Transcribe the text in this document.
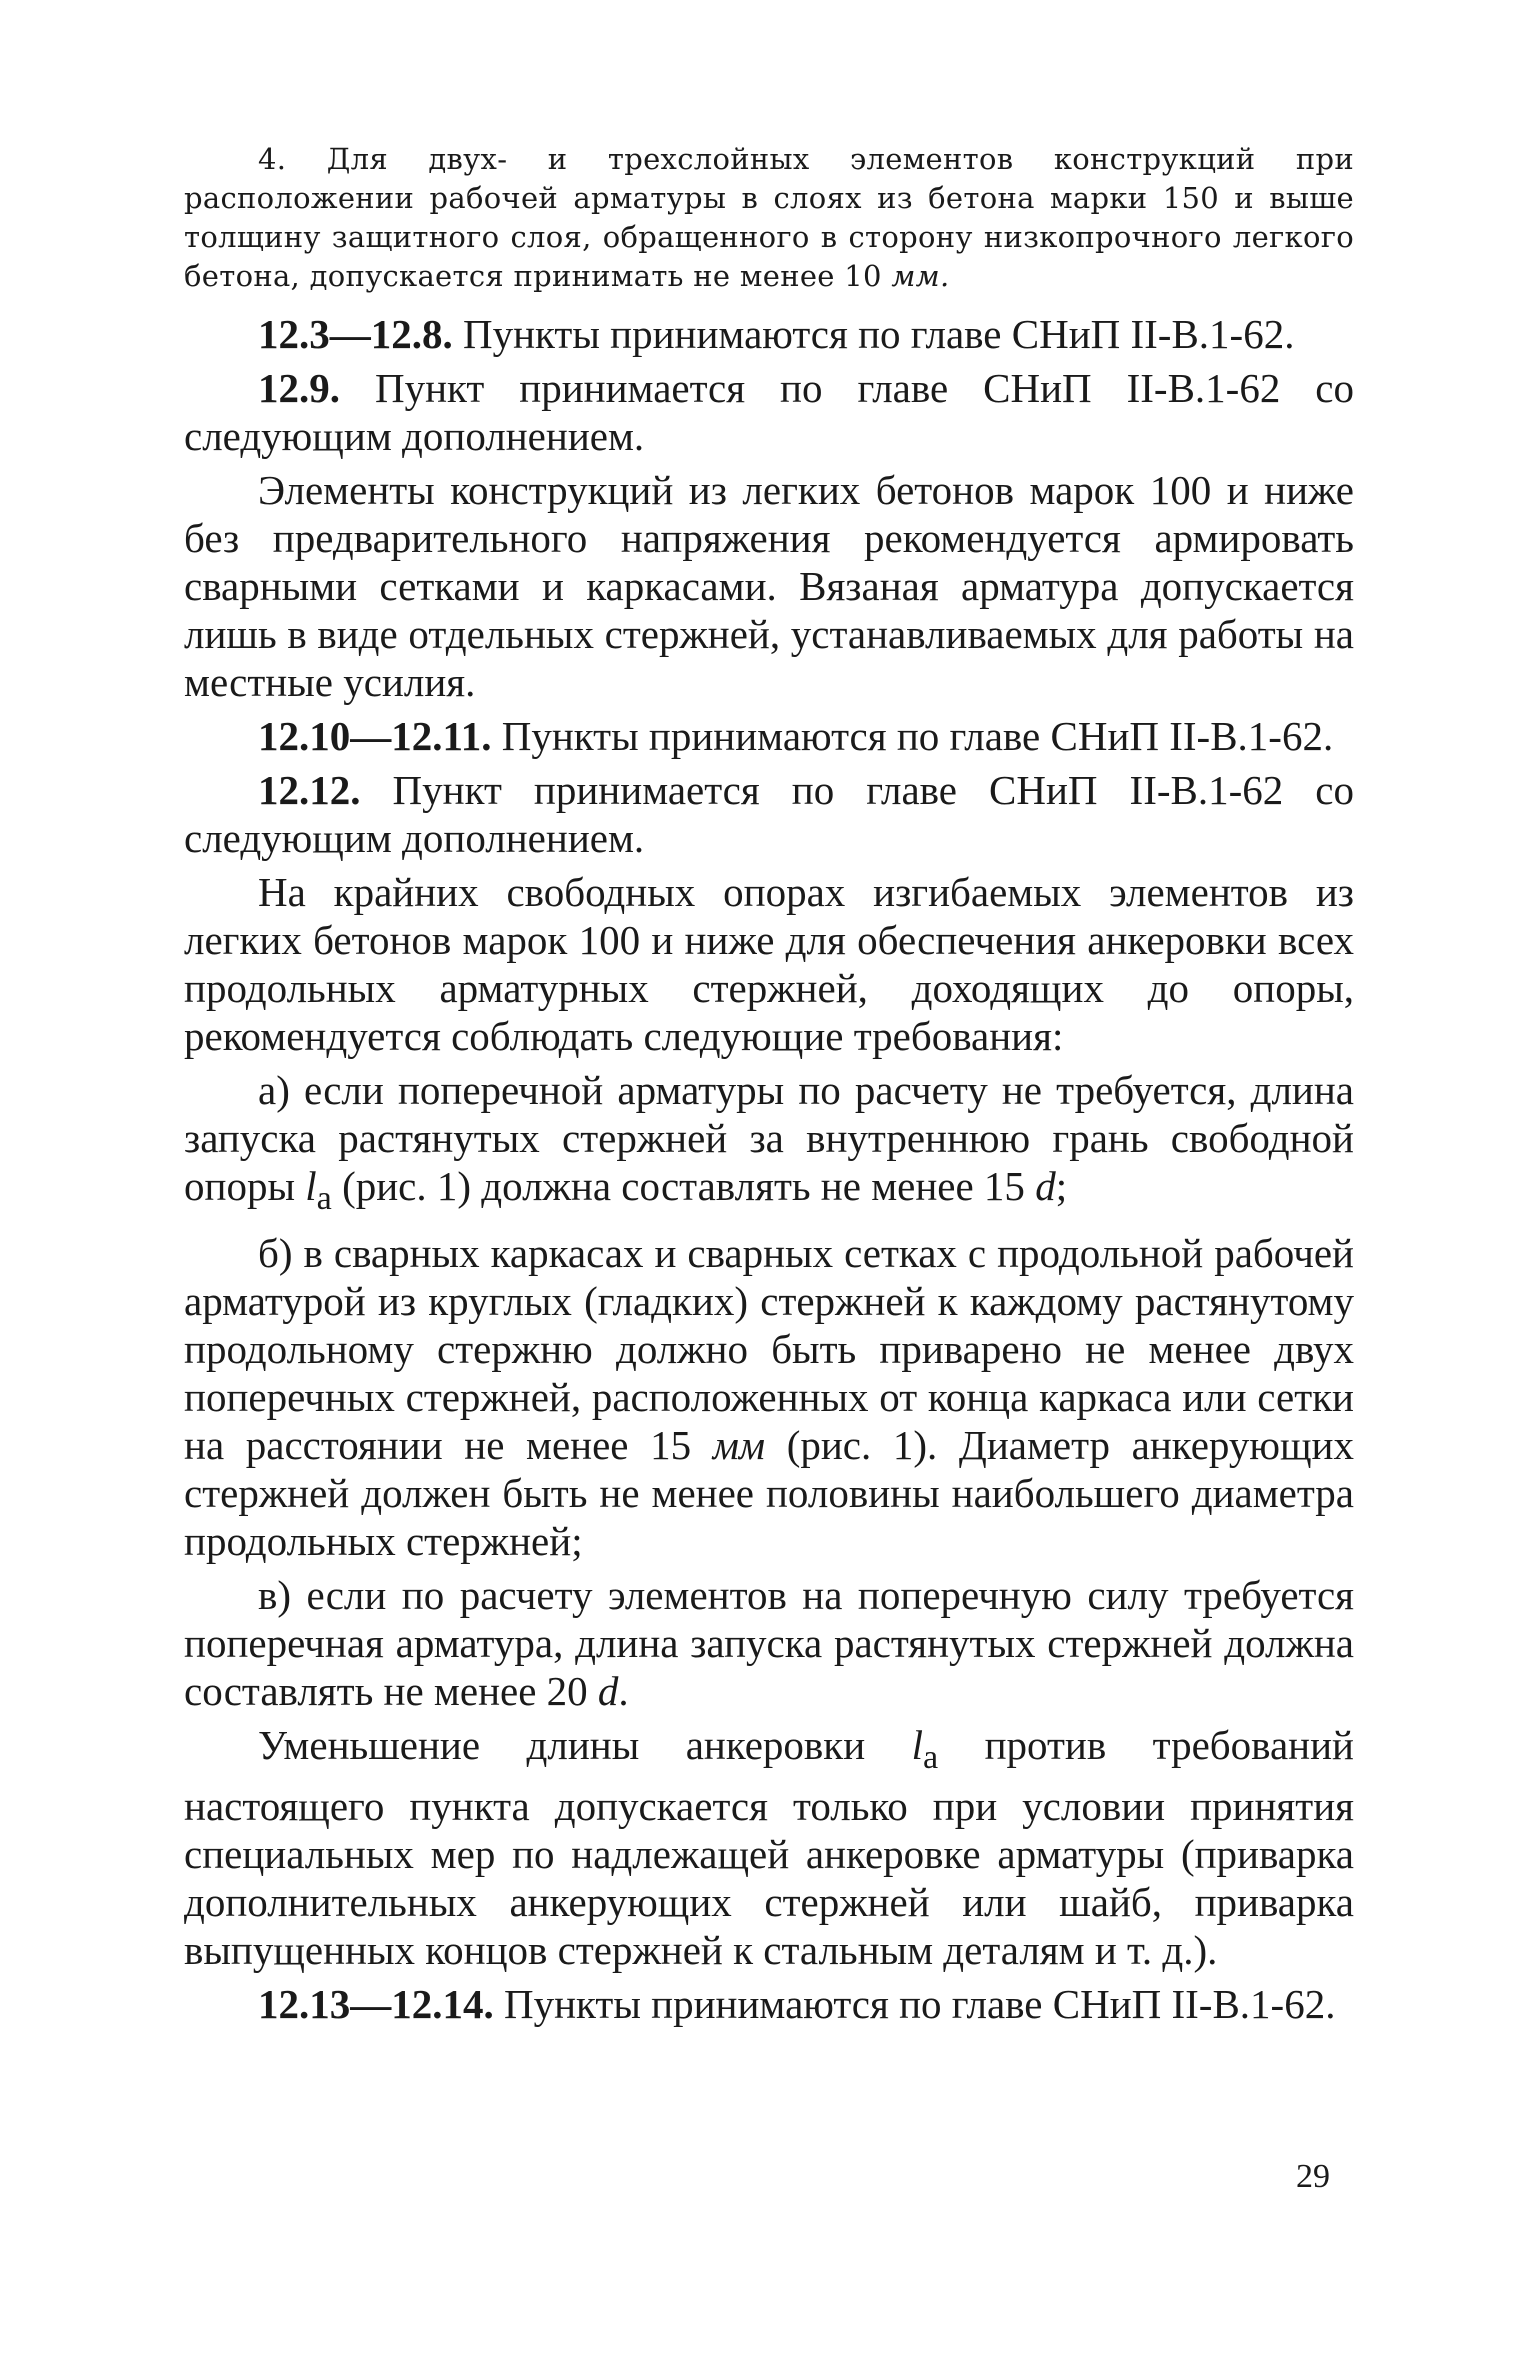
4. Для двух- и трехслойных элементов конструкций при расположении рабочей арматуры в слоях из бетона марки 150 и выше толщину защитного слоя, обращенного в сторону низкопрочного легкого бетона, допускается принимать не менее 10 мм.

12.3—12.8. Пункты принимаются по главе СНиП II-В.1-62.

12.9. Пункт принимается по главе СНиП II-В.1-62 со следующим дополнением.

Элементы конструкций из легких бетонов марок 100 и ниже без предварительного напряжения рекомендуется армировать сварными сетками и каркасами. Вязаная арматура допускается лишь в виде отдельных стержней, устанавливаемых для работы на местные усилия.

12.10—12.11. Пункты принимаются по главе СНиП II-В.1-62.

12.12. Пункт принимается по главе СНиП II-В.1-62 со следующим дополнением.

На крайних свободных опорах изгибаемых элементов из легких бетонов марок 100 и ниже для обеспечения анкеровки всех продольных арматурных стержней, доходящих до опоры, рекомендуется соблюдать следующие требования:

а) если поперечной арматуры по расчету не требуется, длина запуска растянутых стержней за внутреннюю грань свободной опоры $l_a$ (рис. 1) должна составлять не менее 15 d;

б) в сварных каркасах и сварных сетках с продольной рабочей арматурой из круглых (гладких) стержней к каждому растянутому продольному стержню должно быть приварено не менее двух поперечных стержней, расположенных от конца каркаса или сетки на расстоянии не менее 15 мм (рис. 1). Диаметр анкерующих стержней должен быть не менее половины наибольшего диаметра продольных стержней;

в) если по расчету элементов на поперечную силу требуется поперечная арматура, длина запуска растянутых стержней должна составлять не менее 20 d.

Уменьшение длины анкеровки $l_a$ против требований настоящего пункта допускается только при условии принятия специальных мер по надлежащей анкеровке арматуры (приварка дополнительных анкерующих стержней или шайб, приварка выпущенных концов стержней к стальным деталям и т. д.).

12.13—12.14. Пункты принимаются по главе СНиП II-В.1-62.

29
